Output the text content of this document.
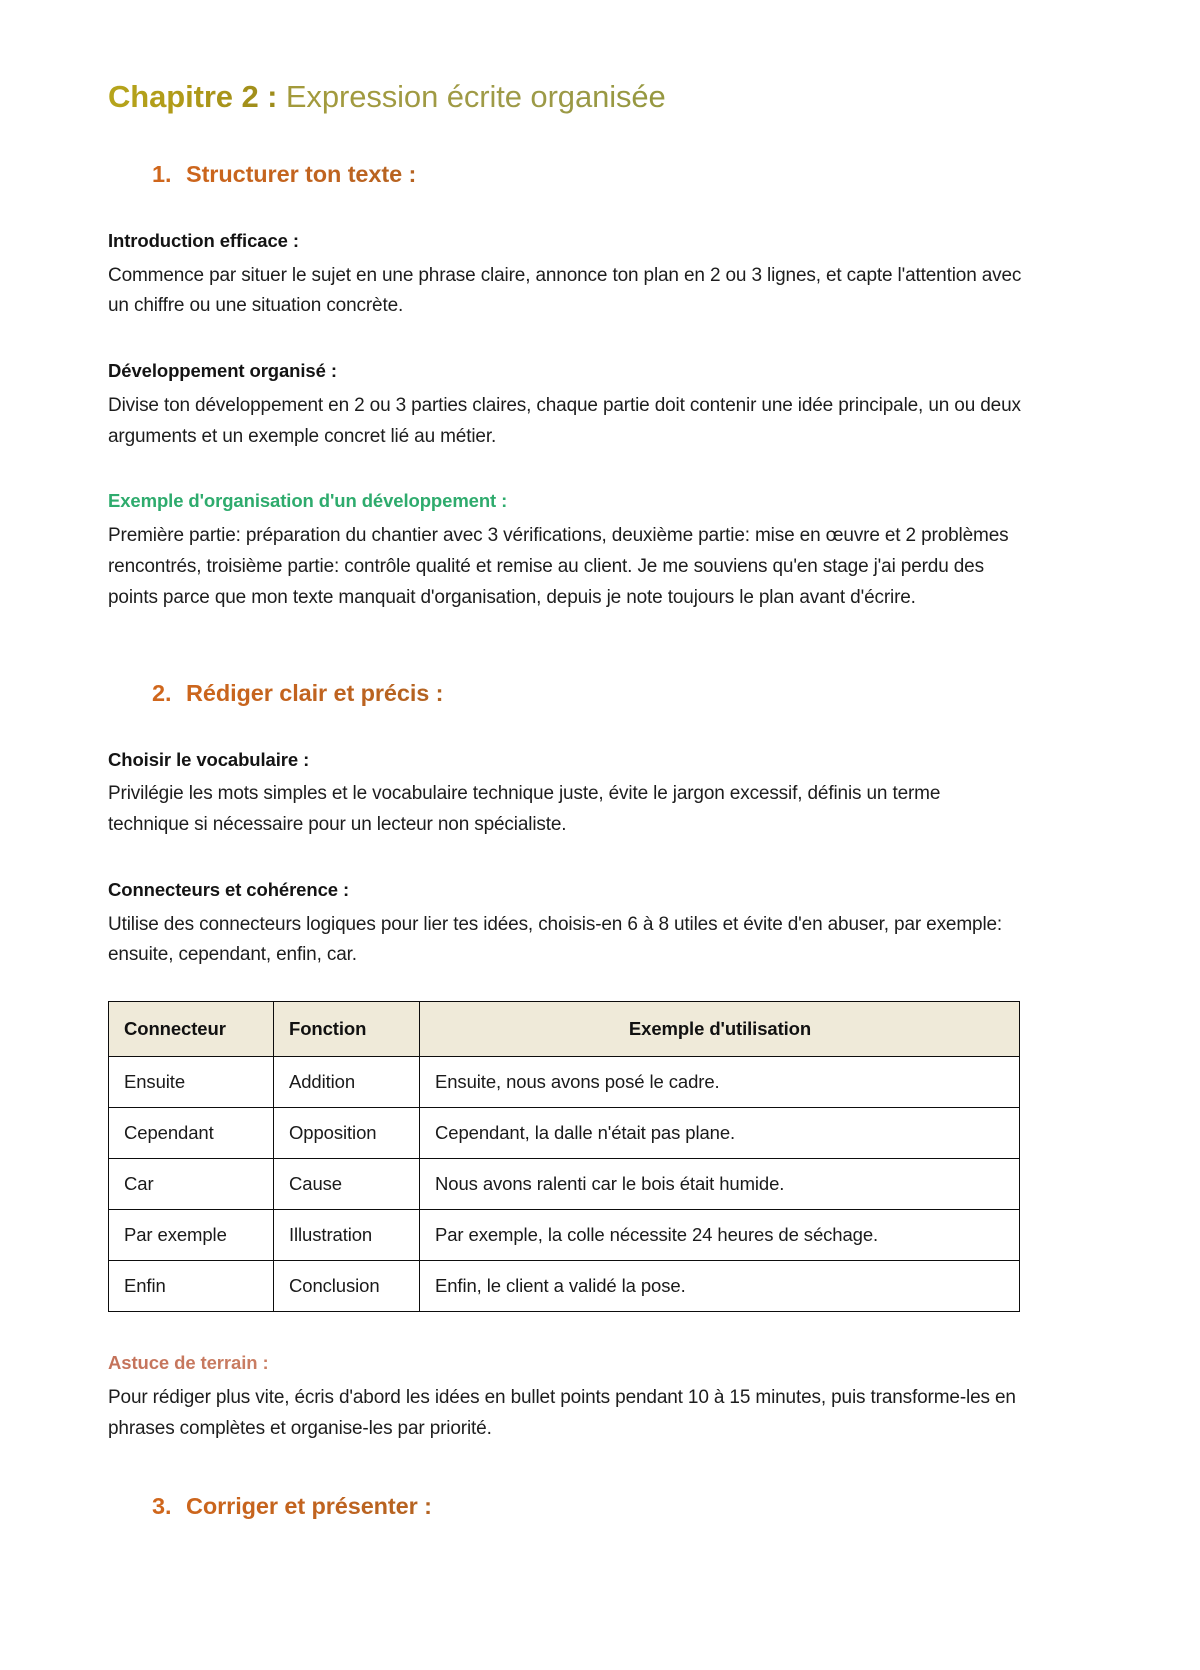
Chapitre 2 : Expression écrite organisée
1. Structurer ton texte :
Introduction efficace :

Commence par situer le sujet en une phrase claire, annonce ton plan en 2 ou 3 lignes, et capte l'attention avec un chiffre ou une situation concrète.

Développement organisé :

Divise ton développement en 2 ou 3 parties claires, chaque partie doit contenir une idée principale, un ou deux arguments et un exemple concret lié au métier.

Exemple d'organisation d'un développement :

Première partie: préparation du chantier avec 3 vérifications, deuxième partie: mise en œuvre et 2 problèmes rencontrés, troisième partie: contrôle qualité et remise au client. Je me souviens qu'en stage j'ai perdu des points parce que mon texte manquait d'organisation, depuis je note toujours le plan avant d'écrire.

2. Rédiger clair et précis :
Choisir le vocabulaire :

Privilégie les mots simples et le vocabulaire technique juste, évite le jargon excessif, définis un terme technique si nécessaire pour un lecteur non spécialiste.

Connecteurs et cohérence :

Utilise des connecteurs logiques pour lier tes idées, choisis-en 6 à 8 utiles et évite d'en abuser, par exemple: ensuite, cependant, enfin, car.

Connecteur	Fonction	Exemple d'utilisation
Ensuite	Addition	Ensuite, nous avons posé le cadre.
Cependant	Opposition	Cependant, la dalle n'était pas plane.
Car	Cause	Nous avons ralenti car le bois était humide.
Par exemple	Illustration	Par exemple, la colle nécessite 24 heures de séchage.
Enfin	Conclusion	Enfin, le client a validé la pose.
Astuce de terrain :

Pour rédiger plus vite, écris d'abord les idées en bullet points pendant 10 à 15 minutes, puis transforme-les en phrases complètes et organise-les par priorité.

3. Corriger et présenter :
